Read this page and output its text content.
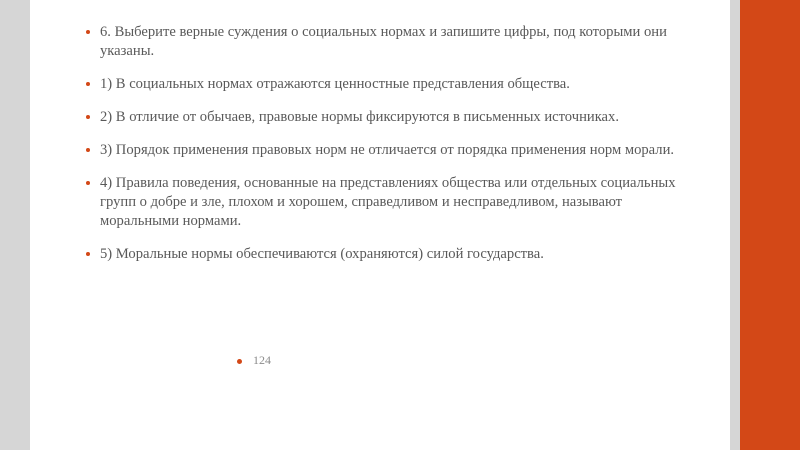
6. Выберите верные суждения о социальных нормах и запишите цифры, под которыми они указаны.
1) В социальных нормах отражаются ценностные представления общества.
2) В отличие от обычаев, правовые нормы фиксируются в письменных источниках.
3) Порядок применения правовых норм не отличается от порядка применения норм морали.
4) Правила поведения, основанные на представлениях общества или отдельных социальных групп о добре и зле, плохом и хорошем, справедливом и несправедливом, называют моральными нормами.
5) Моральные нормы обеспечиваются (охраняются) силой государства.
124
